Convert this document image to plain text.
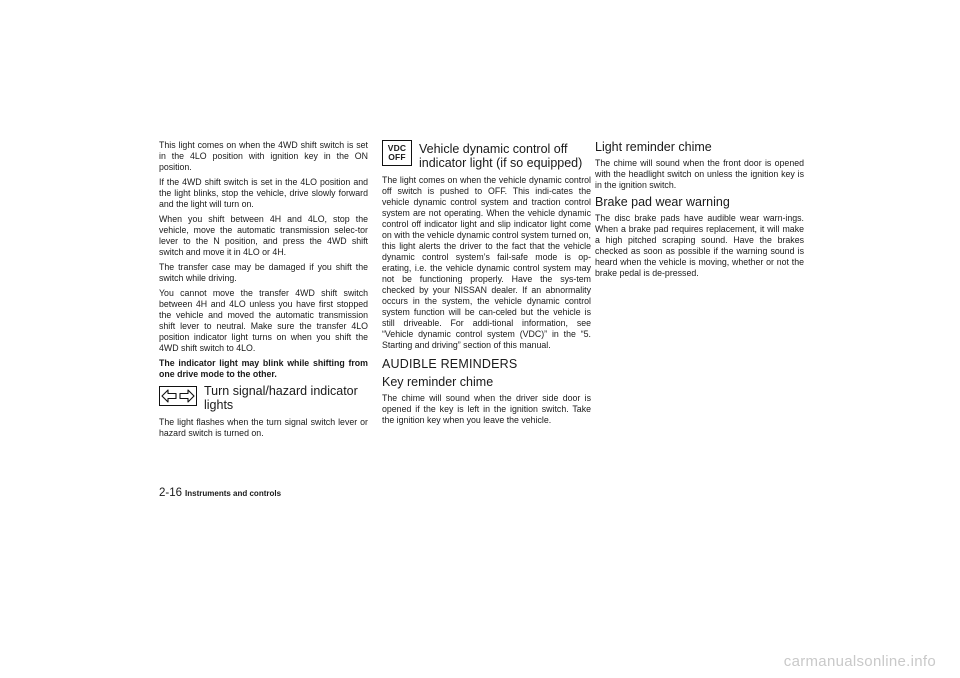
This light comes on when the 4WD shift switch is set in the 4LO position with ignition key in the ON position.

If the 4WD shift switch is set in the 4LO position and the light blinks, stop the vehicle, drive slowly forward and the light will turn on.

When you shift between 4H and 4LO, stop the vehicle, move the automatic transmission selec-tor lever to the N position, and press the 4WD shift switch and move it in 4LO or 4H.

The transfer case may be damaged if you shift the switch while driving.

You cannot move the transfer 4WD shift switch between 4H and 4LO unless you have first stopped the vehicle and moved the automatic transmission shift lever to neutral. Make sure the transfer 4LO position indicator light turns on when you shift the 4WD shift switch to 4LO.

The indicator light may blink while shifting from one drive mode to the other.

Turn signal/hazard indicator lights

The light flashes when the turn signal switch lever or hazard switch is turned on.

VDC
OFF
Vehicle dynamic control off indicator light (if so equipped)

The light comes on when the vehicle dynamic control off switch is pushed to OFF. This indi-cates the vehicle dynamic control system and traction control system are not operating. When the vehicle dynamic control off indicator light and slip indicator light come on with the vehicle dynamic control system turned on, this light alerts the driver to the fact that the vehicle dynamic control system’s fail-safe mode is op-erating, i.e. the vehicle dynamic control system may not be functioning properly. Have the sys-tem checked by your NISSAN dealer. If an abnormality occurs in the system, the vehicle dynamic control system function will be can-celed but the vehicle is still driveable. For addi-tional information, see “Vehicle dynamic control system (VDC)” in the “5. Starting and driving” section of this manual.

AUDIBLE REMINDERS
Key reminder chime

The chime will sound when the driver side door is opened if the key is left in the ignition switch. Take the ignition key when you leave the vehicle.

Light reminder chime

The chime will sound when the front door is opened with the headlight switch on unless the ignition key is in the ignition switch.

Brake pad wear warning

The disc brake pads have audible wear warn-ings. When a brake pad requires replacement, it will make a high pitched scraping sound. Have the brakes checked as soon as possible if the warning sound is heard when the vehicle is moving, whether or not the brake pedal is de-pressed.

2-16 Instruments and controls
carmanualsonline.info
